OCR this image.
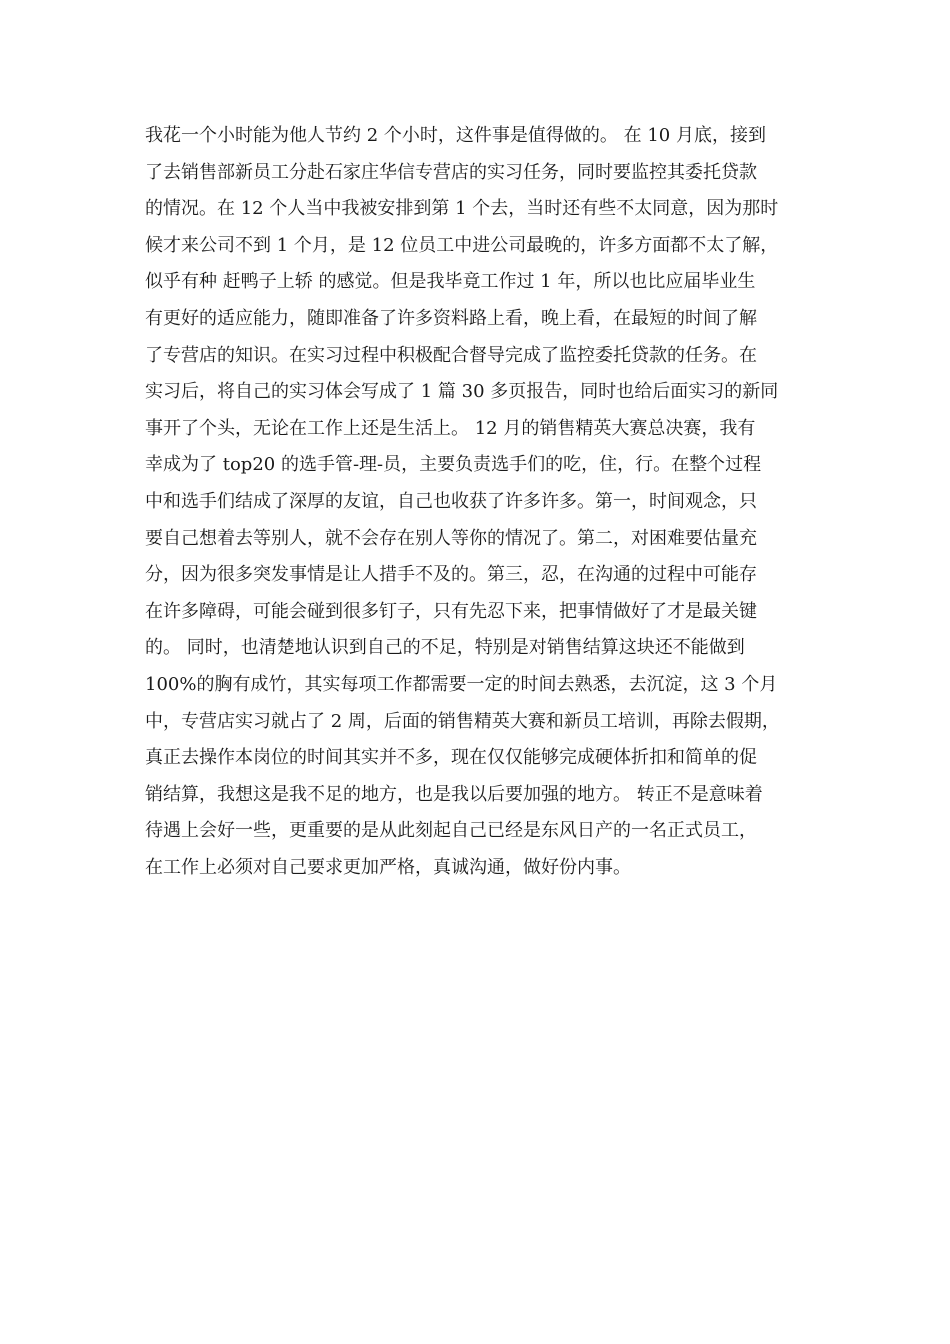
我花一个小时能为他人节约 2 个小时，这件事是值得做的。 在 10 月底，接到
了去销售部新员工分赴石家庄华信专营店的实习任务，同时要监控其委托贷款
的情况。在 12 个人当中我被安排到第 1 个去，当时还有些不太同意，因为那时
候才来公司不到 1 个月，是 12 位员工中进公司最晚的，许多方面都不太了解，
似乎有种 赶鸭子上轿 的感觉。但是我毕竟工作过 1 年，所以也比应届毕业生
有更好的适应能力，随即准备了许多资料路上看，晚上看，在最短的时间了解
了专营店的知识。在实习过程中积极配合督导完成了监控委托贷款的任务。在
实习后，将自己的实习体会写成了 1 篇 30 多页报告，同时也给后面实习的新同
事开了个头，无论在工作上还是生活上。 12 月的销售精英大赛总决赛，我有
幸成为了 top20 的选手管-理-员，主要负责选手们的吃，住，行。在整个过程
中和选手们结成了深厚的友谊，自己也收获了许多许多。第一，时间观念，只
要自己想着去等别人，就不会存在别人等你的情况了。第二，对困难要估量充
分，因为很多突发事情是让人措手不及的。第三，忍，在沟通的过程中可能存
在许多障碍，可能会碰到很多钉子，只有先忍下来，把事情做好了才是最关键
的。 同时，也清楚地认识到自己的不足，特别是对销售结算这块还不能做到
100%的胸有成竹，其实每项工作都需要一定的时间去熟悉，去沉淀，这 3 个月
中，专营店实习就占了 2 周，后面的销售精英大赛和新员工培训，再除去假期，
真正去操作本岗位的时间其实并不多，现在仅仅能够完成硬体折扣和简单的促
销结算，我想这是我不足的地方，也是我以后要加强的地方。 转正不是意味着
待遇上会好一些，更重要的是从此刻起自己已经是东风日产的一名正式员工，
在工作上必须对自己要求更加严格，真诚沟通，做好份内事。
